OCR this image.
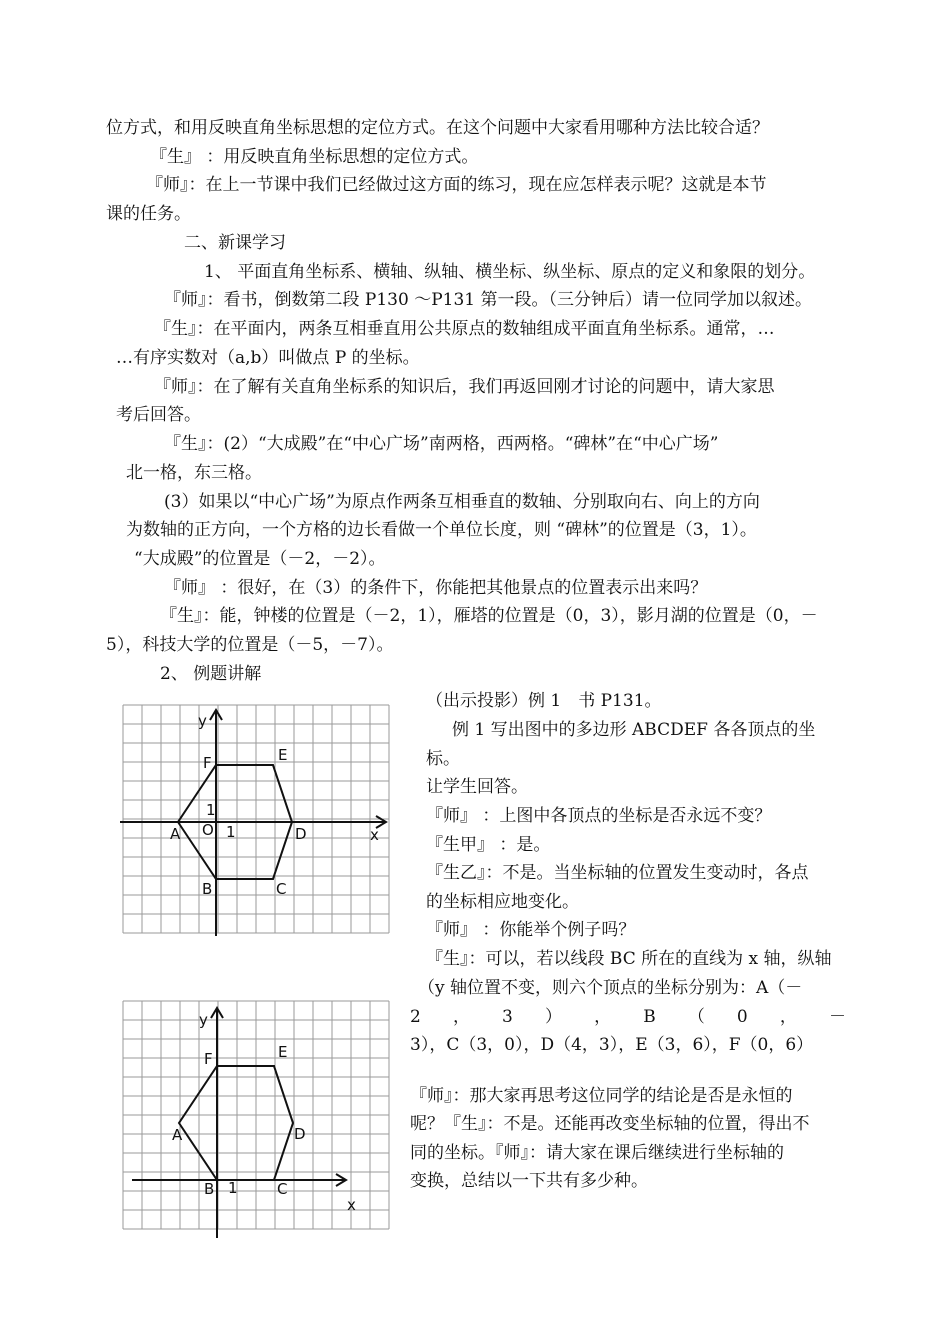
位方式，和用反映直角坐标思想的定位方式。在这个问题中大家看用哪种方法比较合适？
『生』 ：用反映直角坐标思想的定位方式。
『师』：在上一节课中我们已经做过这方面的练习，现在应怎样表示呢？这就是本节
课的任务。
二、新课学习
1、 平面直角坐标系、横轴、纵轴、横坐标、纵坐标、原点的定义和象限的划分。
『师』：看书，倒数第二段 P130 ～P131 第一段。（三分钟后）请一位同学加以叙述。
『生』：在平面内，两条互相垂直用公共原点的数轴组成平面直角坐标系。通常，…
…有序实数对（a,b）叫做点 P 的坐标。
『师』：在了解有关直角坐标系的知识后，我们再返回刚才讨论的问题中，请大家思
考后回答。
『生』：(2）“大成殿”在“中心广场”南两格，西两格。“碑林”在“中心广场”
北一格，东三格。
(3）如果以“中心广场”为原点作两条互相垂直的数轴、分别取向右、向上的方向
为数轴的正方向，一个方格的边长看做一个单位长度，则 “碑林”的位置是（3，1）。
“大成殿”的位置是（－2，－2）。
『师』 ：很好，在（3）的条件下，你能把其他景点的位置表示出来吗？
『生』：能，钟楼的位置是（－2，1），雁塔的位置是（0，3），影月湖的位置是（0，－
5），科技大学的位置是（－5，－7）。
2、 例题讲解
（出示投影）例 1　书 P131。
例 1 写出图中的多边形 ABCDEF 各各顶点的坐
标。
让学生回答。
『师』 ：上图中各顶点的坐标是否永远不变？
『生甲』 ：是。
『生乙』：不是。当坐标轴的位置发生变动时，各点
的坐标相应地变化。
『师』 ：你能举个例子吗？
『生』：可以，若以线段 BC 所在的直线为 x 轴，纵轴
（y 轴位置不变，则六个顶点的坐标分别为：A（－
2 ， 3 ） ， B （ 0 ， －
3），C（3，0），D（4，3），E（3，6），F（0，6）
『师』：那大家再思考这位同学的结论是否是永恒的
呢？『生』：不是。还能再改变坐标轴的位置，得出不
同的坐标。『师』：请大家在课后继续进行坐标轴的
变换，总结以一下共有多少种。
y
x
O 1
1
A
B	C
D
E
F
y
x
1
A
B	C
D
E
F
